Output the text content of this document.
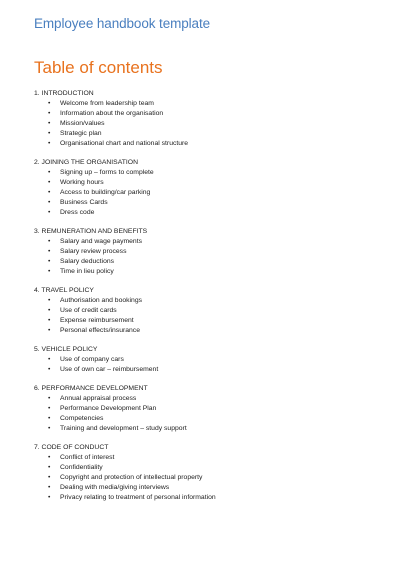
Employee handbook template
Table of contents
1. INTRODUCTION
• Welcome from leadership team
• Information about the organisation
• Mission/values
• Strategic plan
• Organisational chart and national structure
2. JOINING THE ORGANISATION
• Signing up – forms to complete
• Working hours
• Access to building/car parking
• Business Cards
• Dress code
3. REMUNERATION AND BENEFITS
• Salary and wage payments
• Salary review process
• Salary deductions
• Time in lieu policy
4. TRAVEL POLICY
• Authorisation and bookings
• Use of credit cards
• Expense reimbursement
• Personal effects/insurance
5. VEHICLE POLICY
• Use of company cars
• Use of own car – reimbursement
6. PERFORMANCE DEVELOPMENT
• Annual appraisal process
• Performance Development Plan
• Competencies
• Training and development – study support
7. CODE OF CONDUCT
• Conflict of interest
• Confidentiality
• Copyright and protection of intellectual property
• Dealing with media/giving interviews
• Privacy relating to treatment of personal information
